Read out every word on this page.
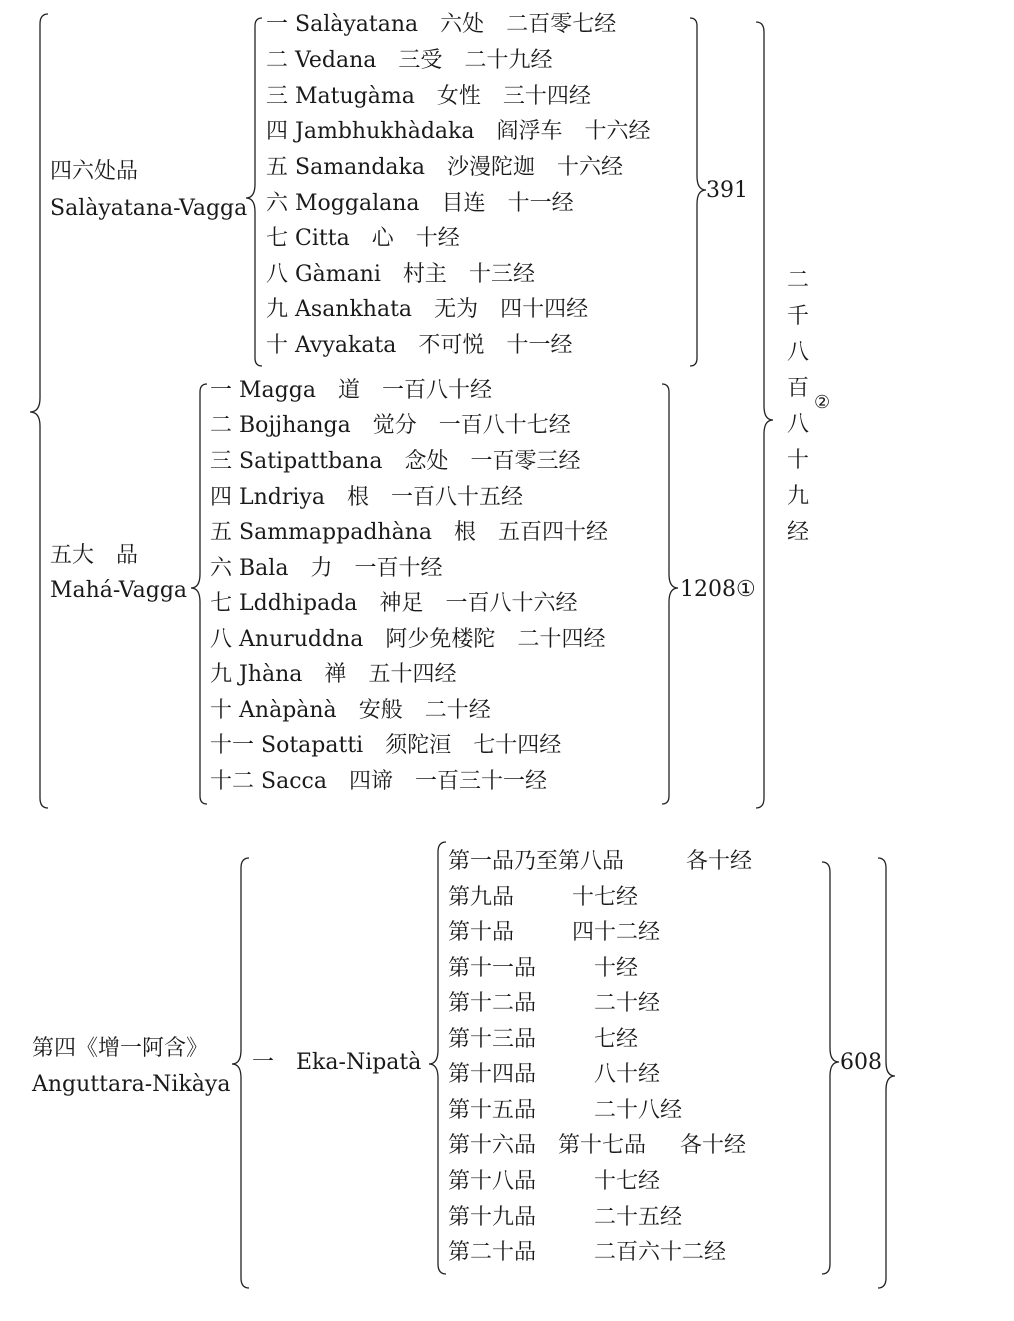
四六处品
Salàyatana-Vagga
五大　品
Mahá-Vagga
一 Salàyatana　 六处　 二百零七经
二 Vedana　 三受　 二十九经
三 Matugàma　 女性　 三十四经
四 Jambhukhàdaka　 阎浮车　 十六经
五 Samandaka　 沙漫陀迦　 十六经
六 Moggalana　 目连　 十一经
七 Citta　 心　 十经
八 Gàmani　 村主　 十三经
九 Asankhata　 无为　 四十四经
十 Avyakata　 不可悦　 十一经
391
一 Magga　 道　 一百八十经
二 Bojjhanga　 觉分　 一百八十七经
三 Satipattbana　 念处　 一百零三经
四 Lndriya　 根　 一百八十五经
五 Sammappadhàna　 根　 五百四十经
六 Bala　 力　 一百十经
七 Lddhipada　 神足　 一百八十六经
八 Anuruddna　 阿少免楼陀　 二十四经
九 Jhàna　 禅　 五十四经
十 Anàpànà　 安般　 二十经
十一 Sotapatti　 须陀洹　 七十四经
十二 Sacca　 四谛　 一百三十一经
1208①
二
千
八
百
②
八
十
九
经
第四《增一阿含》
Anguttara-Nikàya
一　Eka-Nipatà
第一品乃至第八品	各十经
第九品	十七经
第十品	四十二经
第十一品	十经
第十二品	二十经
第十三品	七经
第十四品	八十经
第十五品	二十八经
第十六品　第十七品 各十经
第十八品	十七经
第十九品	二十五经
第二十品	二百六十二经
608
